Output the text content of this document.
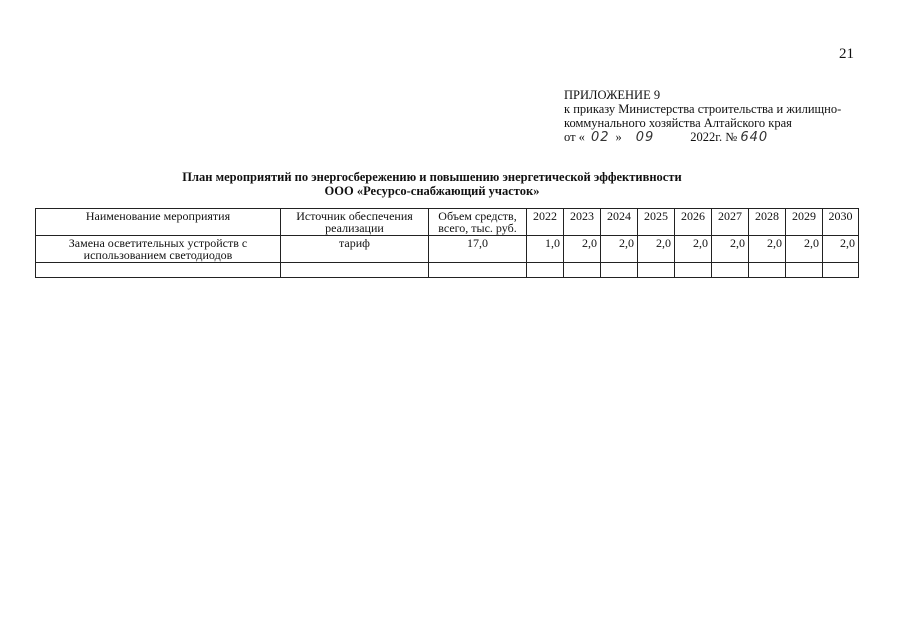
21
ПРИЛОЖЕНИЕ 9
к приказу Министерства строительства и жилищно-
коммунального хозяйства Алтайского края
от « 02 » 09	2022г. № 640
План мероприятий по энергосбережению и повышению энергетической эффективности
ООО «Ресурсо-снабжающий участок»
Наименование мероприятия	Источник обеспечения реализации	Объем средств, всего, тыс. руб.	2022	2023	2024	2025	2026	2027	2028	2029	2030
Замена осветительных устройств с использованием светодиодов	тариф	17,0	1,0	2,0	2,0	2,0	2,0	2,0	2,0	2,0	2,0
